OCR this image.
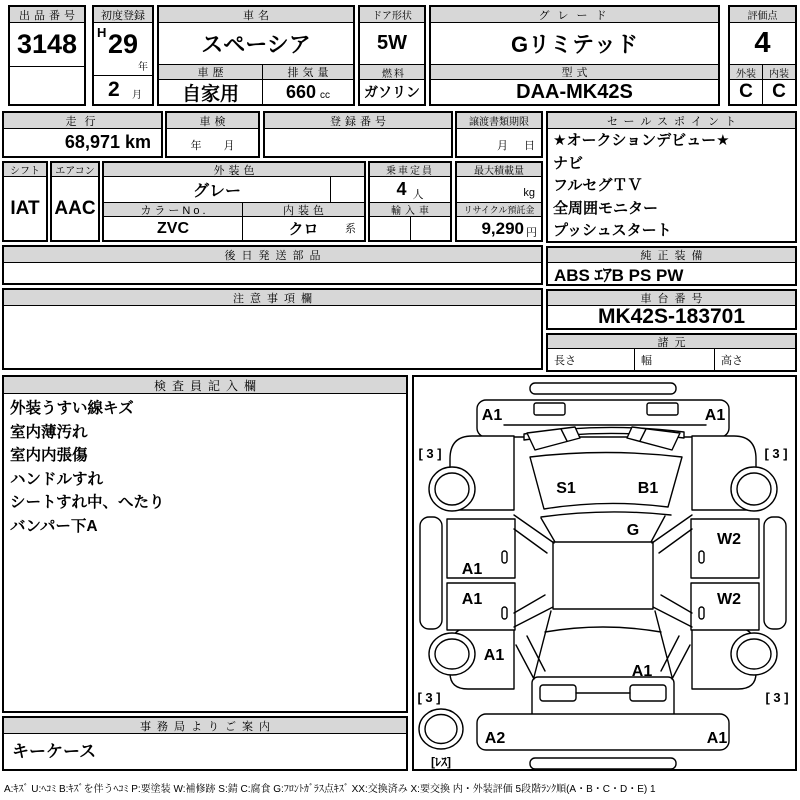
出品番号
3148
初度登録
H 29
年
2 月
車名
スペーシア
車歴
自家用
排気量
660 cc
ドア形状
5W
燃料
ガソリン
グレード
Gリミテッド
型式
DAA-MK42S
評価点
4
外装	内装
C	C
走行
68,971 km
車検
年 月
登録番号	譲渡書類期限
月 日
セールスポイント
★オークションデビュー★
ナビ
フルセグＴＶ
全周囲モニター
プッシュスタート
シフト
IAT
エアコン
AAC
外装色
グレー
カラーNo.	内装色
ZVC	クロ 系
乗車定員
4 人
輸入車
最大積載量
kg
リサイクル預託金
9,290 円
後日発送部品
注意事項欄
純正装備
ABS ｴｱB PS PW
車台番号
MK42S-183701
諸元
長さ	幅	高さ
検査員記入欄
外装うすい線キズ
室内薄汚れ
室内内張傷
ハンドルすれ
シートすれ中、へたり
バンパー下A
事務局よりご案内
キーケース
A1	A1
S1	B1
G
A1
A1
W2
W2
A1
A1
A2	A1
[ 3 ]	[ 3 ]
[ 3 ]	[ 3 ]
[ﾚｽ]
A:ｷｽﾞ U:ﾍｺﾐ B:ｷｽﾞを伴うﾍｺﾐ P:要塗装 W:補修跡 S:錆 C:腐食 G:ﾌﾛﾝﾄｶﾞﾗｽ点ｷｽﾞ XX:交換済み X:要交換 内・外装評価 5段階ﾗﾝｸ順(A・B・C・D・E) 1
